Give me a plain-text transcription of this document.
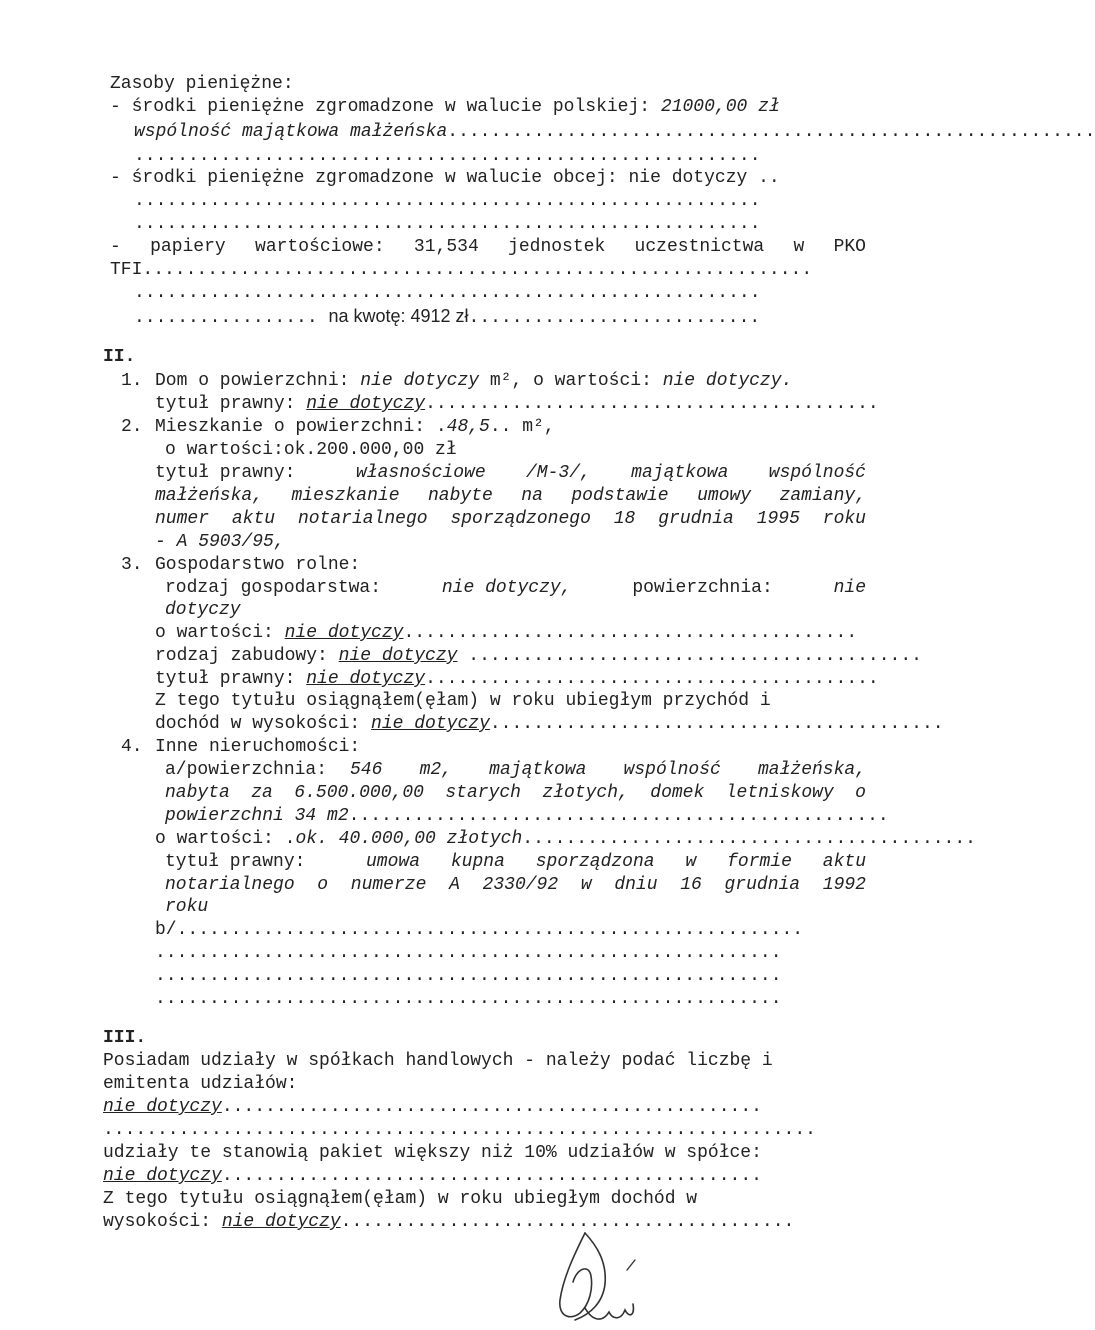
Zasoby pieniężne:
- środki pieniężne zgromadzone w walucie polskiej: 21000,00 zł
wspólność majątkowa małżeńska............................................................
..........................................................
- środki pieniężne zgromadzone w walucie obcej: nie dotyczy ..
..........................................................
..........................................................
- papiery wartościowe: 31,534 jednostek uczestnictwa w PKO
TFI..............................................................
..........................................................
................. na kwotę: 4912 zł...........................
II.
1. Dom o powierzchni: nie dotyczy m², o wartości: nie dotyczy.
tytuł prawny: nie dotyczy..........................................
2. Mieszkanie o powierzchni: .48,5.. m²,
o wartości:ok.200.000,00 zł
tytuł prawny:	własnościowe /M-3/, majątkowa wspólność
małżeńska, mieszkanie nabyte na podstawie umowy zamiany,
numer aktu notarialnego sporządzonego 18 grudnia 1995 roku
- A 5903/95,
3. Gospodarstwo rolne:
rodzaj gospodarstwa:	nie dotyczy,	powierzchnia:	nie
dotyczy
o wartości: nie dotyczy..........................................
rodzaj zabudowy: nie dotyczy ..........................................
tytuł prawny: nie dotyczy..........................................
Z tego tytułu osiągnąłem(ęłam) w roku ubiegłym przychód i
dochód w wysokości: nie dotyczy..........................................
4. Inne nieruchomości:
a/powierzchnia: 546 m2, majątkowa wspólność małżeńska,
nabyta za 6.500.000,00 starych złotych, domek letniskowy o
powierzchni 34 m2..................................................
o wartości: .ok. 40.000,00 złotych..........................................
tytuł prawny:	umowa kupna sporządzona w formie aktu
notarialnego o numerze A 2330/92 w dniu 16 grudnia 1992
roku
b/..........................................................
..........................................................
..........................................................
..........................................................
III.
Posiadam udziały w spółkach handlowych - należy podać liczbę i
emitenta udziałów:
nie dotyczy..................................................
..................................................................
udziały te stanowią pakiet większy niż 10% udziałów w spółce:
nie dotyczy..................................................
Z tego tytułu osiągnąłem(ęłam) w roku ubiegłym dochód w
wysokości: nie dotyczy..........................................
